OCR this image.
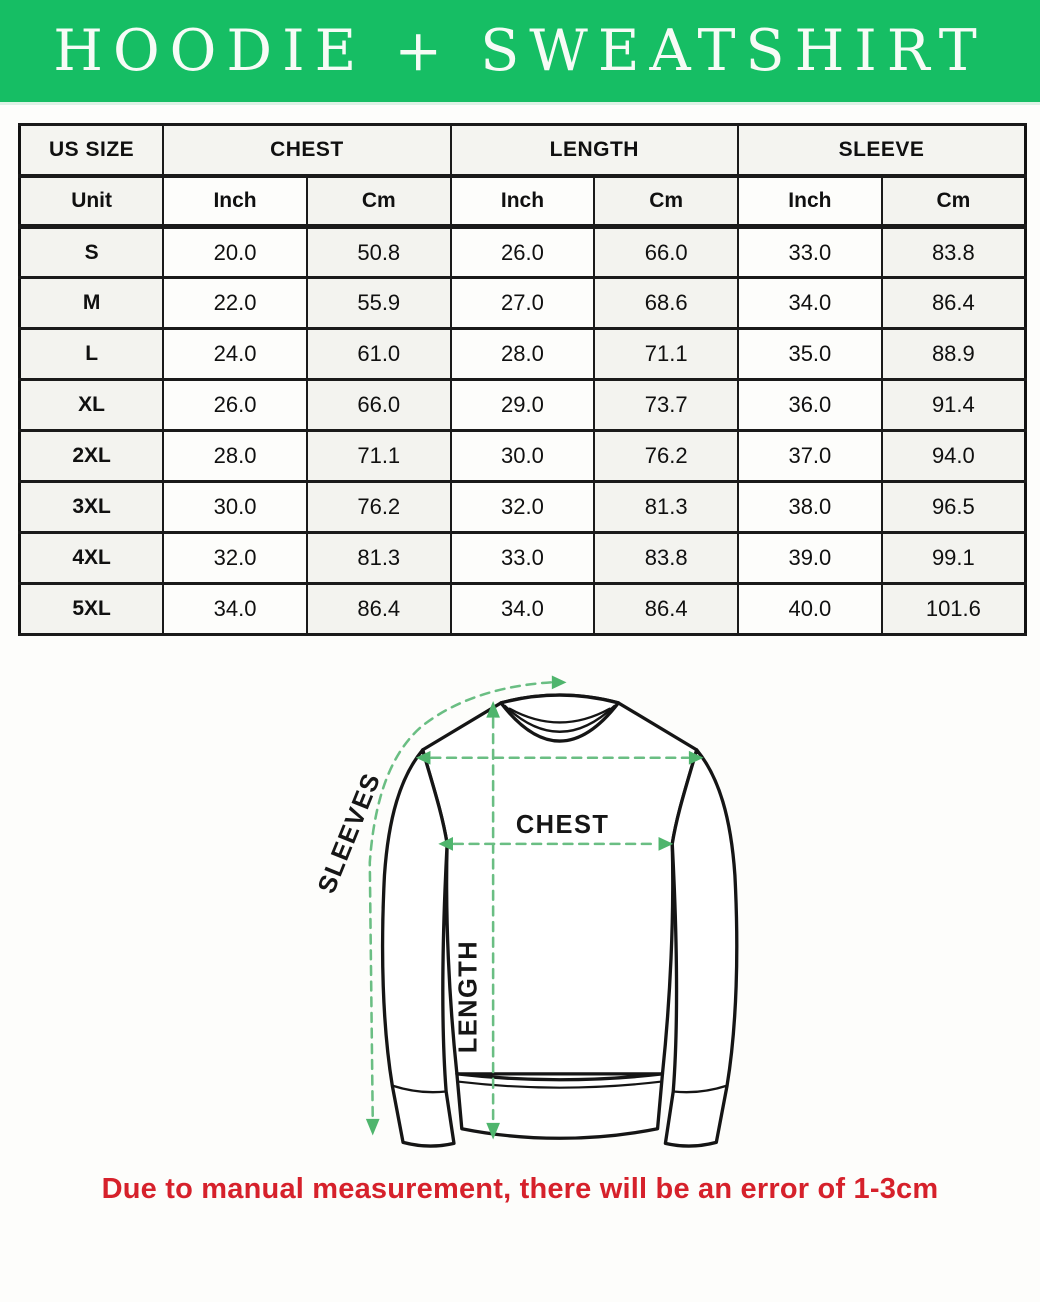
HOODIE + SWEATSHIRT
US SIZE	CHEST		LENGTH		SLEEVE	
Unit	Inch	Cm	Inch	Cm	Inch	Cm
S	20.0	50.8	26.0	66.0	33.0	83.8
M	22.0	55.9	27.0	68.6	34.0	86.4
L	24.0	61.0	28.0	71.1	35.0	88.9
XL	26.0	66.0	29.0	73.7	36.0	91.4
2XL	28.0	71.1	30.0	76.2	37.0	94.0
3XL	30.0	76.2	32.0	81.3	38.0	96.5
4XL	32.0	81.3	33.0	83.8	39.0	99.1
5XL	34.0	86.4	34.0	86.4	40.0	101.6
CHEST
LENGTH
SLEEVES
Due to manual measurement, there will be an error of 1-3cm
